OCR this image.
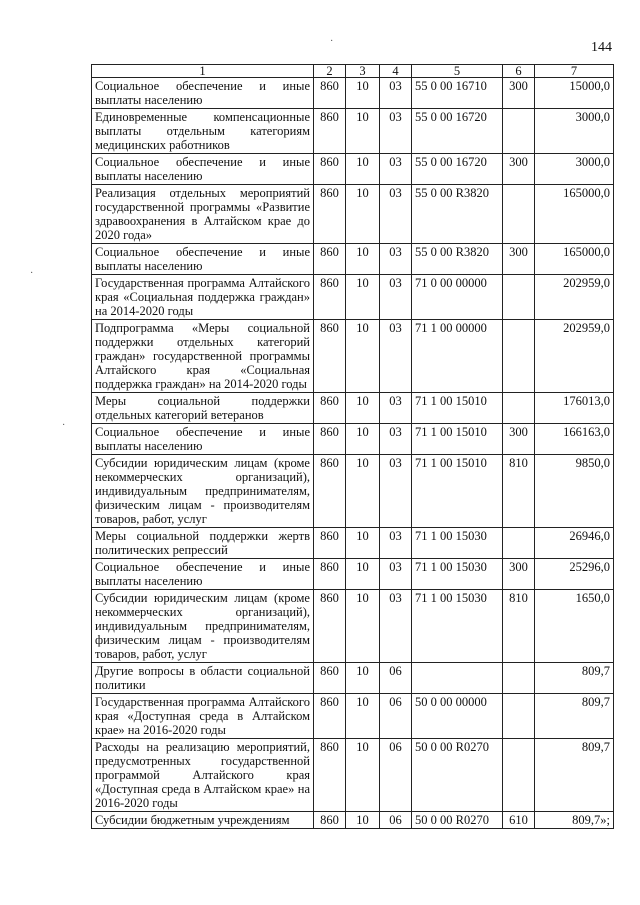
144
·
·
·
1	2	3	4	5	6	7
Социальное обеспечение и иные выплаты населению	860	10	03	55 0 00 16710	300	15000,0
Единовременные компенсационные выплаты отдельным категориям медицинских работников	860	10	03	55 0 00 16720		3000,0
Социальное обеспечение и иные выплаты населению	860	10	03	55 0 00 16720	300	3000,0
Реализация отдельных мероприятий государственной программы «Развитие здравоохранения в Алтайском крае до 2020 года»	860	10	03	55 0 00 R3820		165000,0
Социальное обеспечение и иные выплаты населению	860	10	03	55 0 00 R3820	300	165000,0
Государственная программа Алтайского края «Социальная поддержка граждан» на 2014-2020 годы	860	10	03	71 0 00 00000		202959,0
Подпрограмма «Меры социальной поддержки отдельных категорий граждан» государственной программы Алтайского края «Социальная поддержка граждан» на 2014-2020 годы	860	10	03	71 1 00 00000		202959,0
Меры социальной поддержки отдельных категорий ветеранов	860	10	03	71 1 00 15010		176013,0
Социальное обеспечение и иные выплаты населению	860	10	03	71 1 00 15010	300	166163,0
Субсидии юридическим лицам (кроме некоммерческих организаций), индивидуальным предпринимателям, физическим лицам - производителям товаров, работ, услуг	860	10	03	71 1 00 15010	810	9850,0
Меры социальной поддержки жертв политических репрессий	860	10	03	71 1 00 15030		26946,0
Социальное обеспечение и иные выплаты населению	860	10	03	71 1 00 15030	300	25296,0
Субсидии юридическим лицам (кроме некоммерческих организаций), индивидуальным предпринимателям, физическим лицам - производителям товаров, работ, услуг	860	10	03	71 1 00 15030	810	1650,0
Другие вопросы в области социальной политики	860	10	06			809,7
Государственная программа Алтайского края «Доступная среда в Алтайском крае» на 2016-2020 годы	860	10	06	50 0 00 00000		809,7
Расходы на реализацию мероприятий, предусмотренных государственной программой Алтайского края «Доступная среда в Алтайском крае» на 2016-2020 годы	860	10	06	50 0 00 R0270		809,7
Субсидии бюджетным учреждениям	860	10	06	50 0 00 R0270	610	809,7»;
